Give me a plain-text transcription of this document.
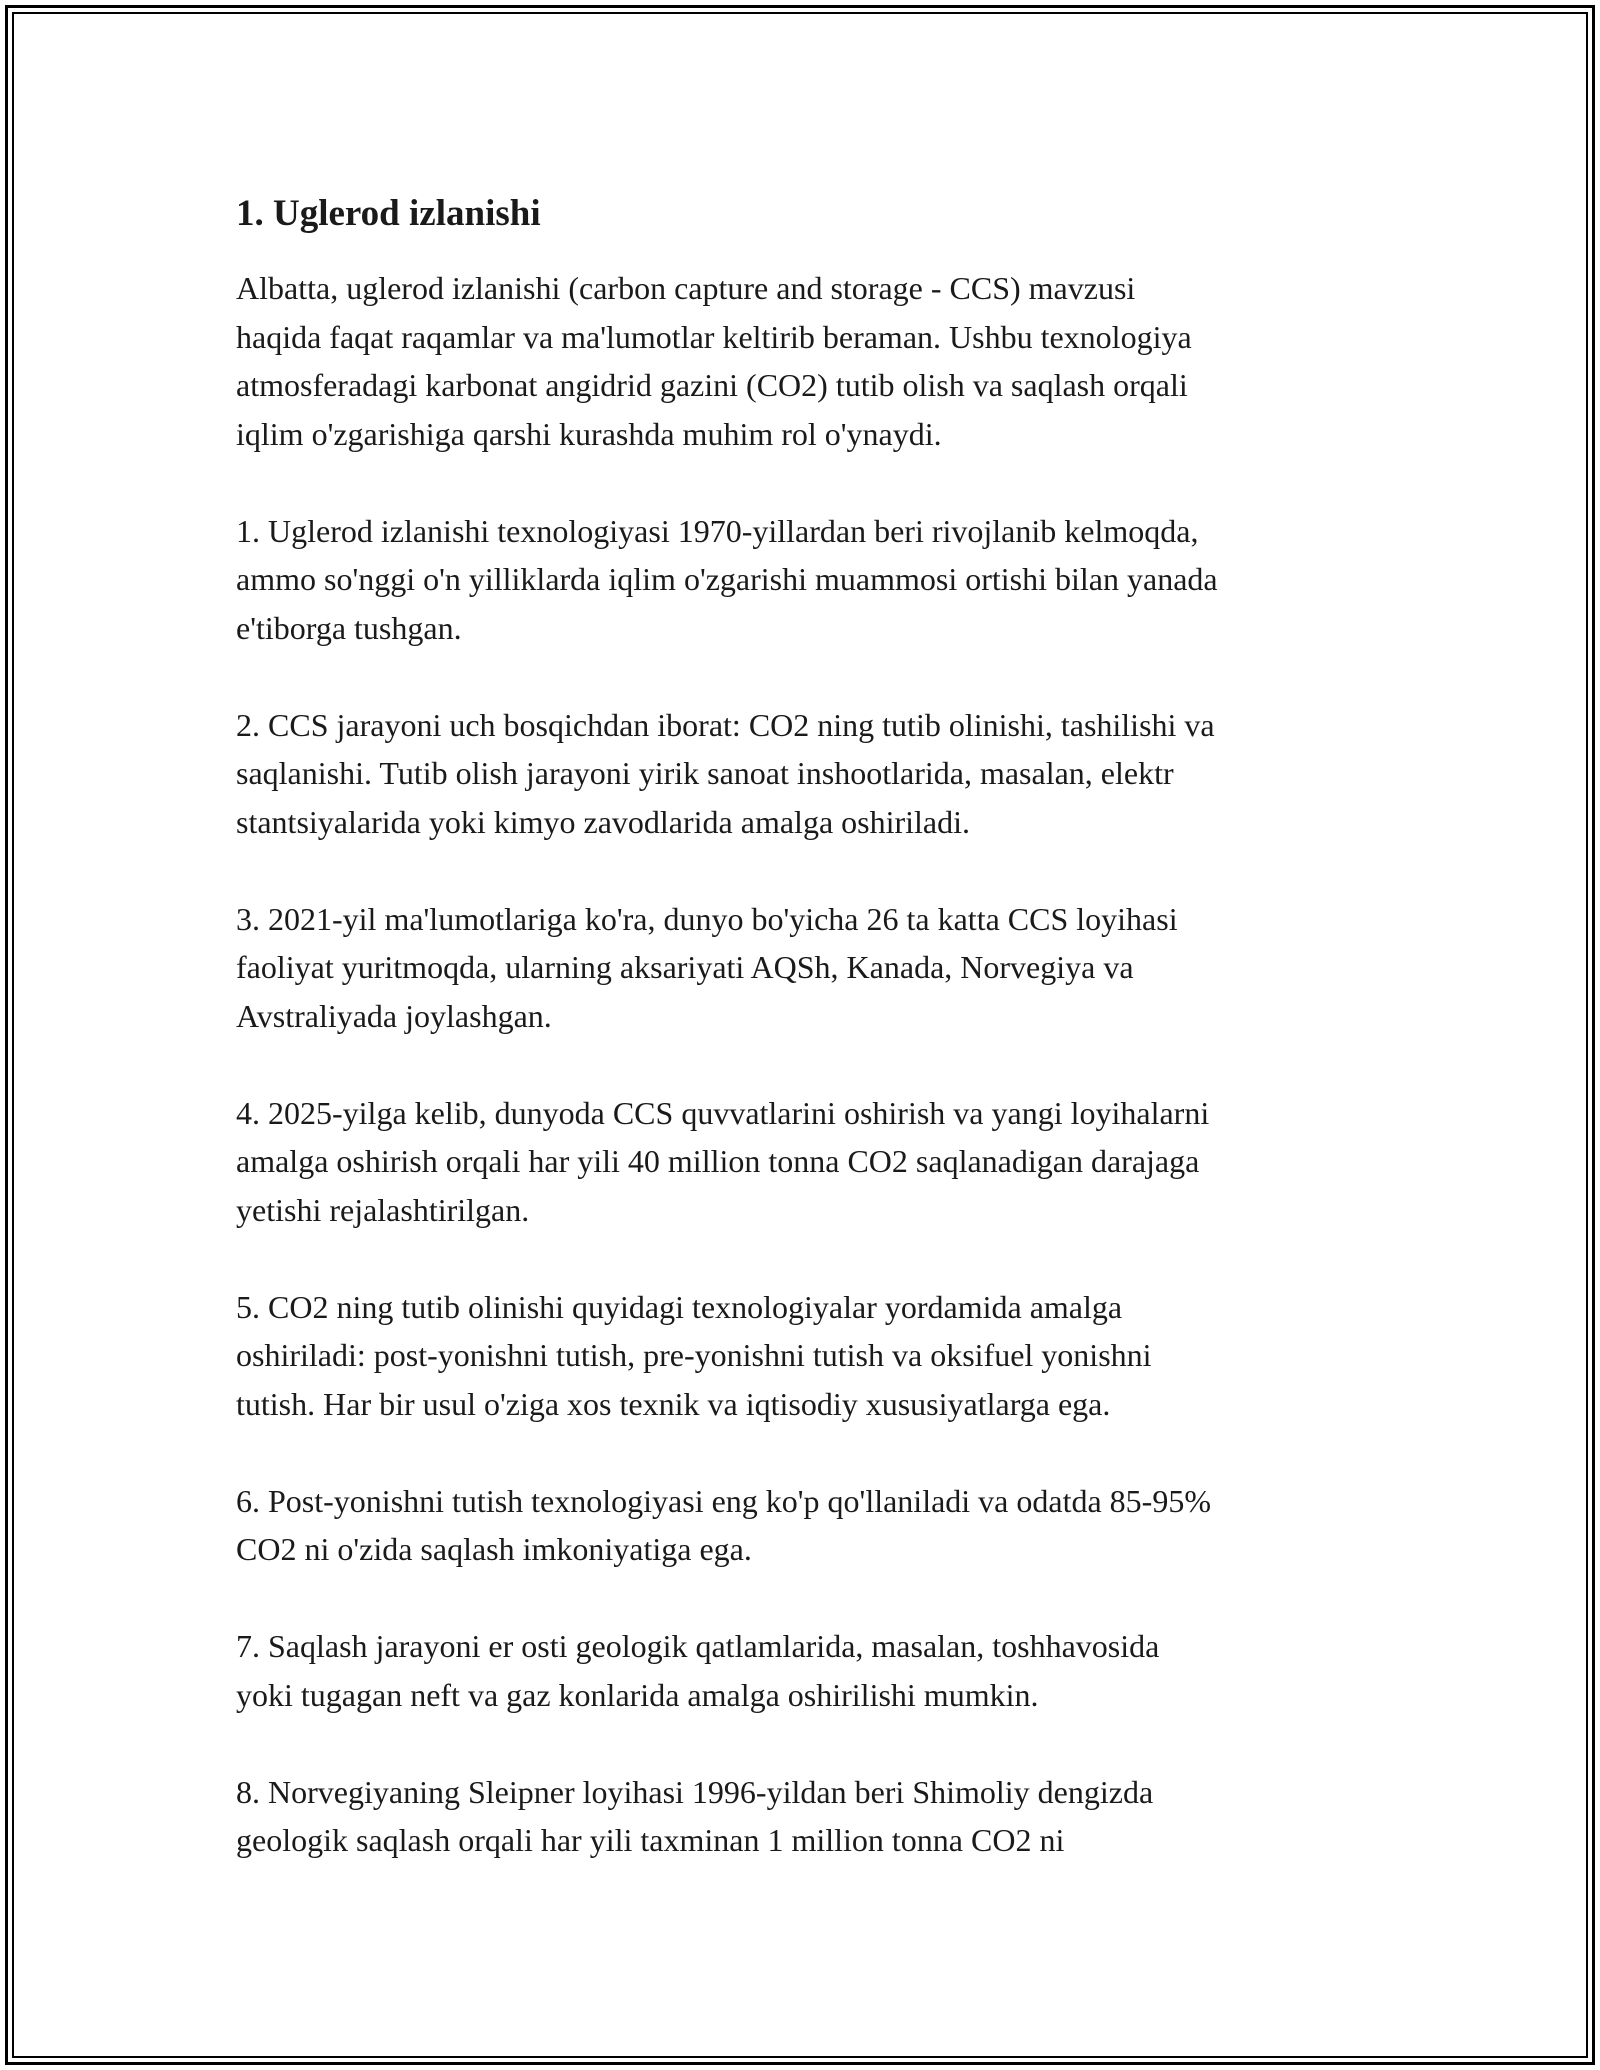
1. Uglerod izlanishi

Albatta, uglerod izlanishi (carbon capture and storage - CCS) mavzusi
haqida faqat raqamlar va ma'lumotlar keltirib beraman. Ushbu texnologiya
atmosferadagi karbonat angidrid gazini (CO2) tutib olish va saqlash orqali
iqlim o'zgarishiga qarshi kurashda muhim rol o'ynaydi.

1. Uglerod izlanishi texnologiyasi 1970-yillardan beri rivojlanib kelmoqda,
ammo so'nggi o'n yilliklarda iqlim o'zgarishi muammosi ortishi bilan yanada
e'tiborga tushgan.

2. CCS jarayoni uch bosqichdan iborat: CO2 ning tutib olinishi, tashilishi va
saqlanishi. Tutib olish jarayoni yirik sanoat inshootlarida, masalan, elektr
stantsiyalarida yoki kimyo zavodlarida amalga oshiriladi.

3. 2021-yil ma'lumotlariga ko'ra, dunyo bo'yicha 26 ta katta CCS loyihasi
faoliyat yuritmoqda, ularning aksariyati AQSh, Kanada, Norvegiya va
Avstraliyada joylashgan.

4. 2025-yilga kelib, dunyoda CCS quvvatlarini oshirish va yangi loyihalarni
amalga oshirish orqali har yili 40 million tonna CO2 saqlanadigan darajaga
yetishi rejalashtirilgan.

5. CO2 ning tutib olinishi quyidagi texnologiyalar yordamida amalga
oshiriladi: post-yonishni tutish, pre-yonishni tutish va oksifuel yonishni
tutish. Har bir usul o'ziga xos texnik va iqtisodiy xususiyatlarga ega.

6. Post-yonishni tutish texnologiyasi eng ko'p qo'llaniladi va odatda 85-95%
CO2 ni o'zida saqlash imkoniyatiga ega.

7. Saqlash jarayoni er osti geologik qatlamlarida, masalan, toshhavosida
yoki tugagan neft va gaz konlarida amalga oshirilishi mumkin.

8. Norvegiyaning Sleipner loyihasi 1996-yildan beri Shimoliy dengizda
geologik saqlash orqali har yili taxminan 1 million tonna CO2 ni
